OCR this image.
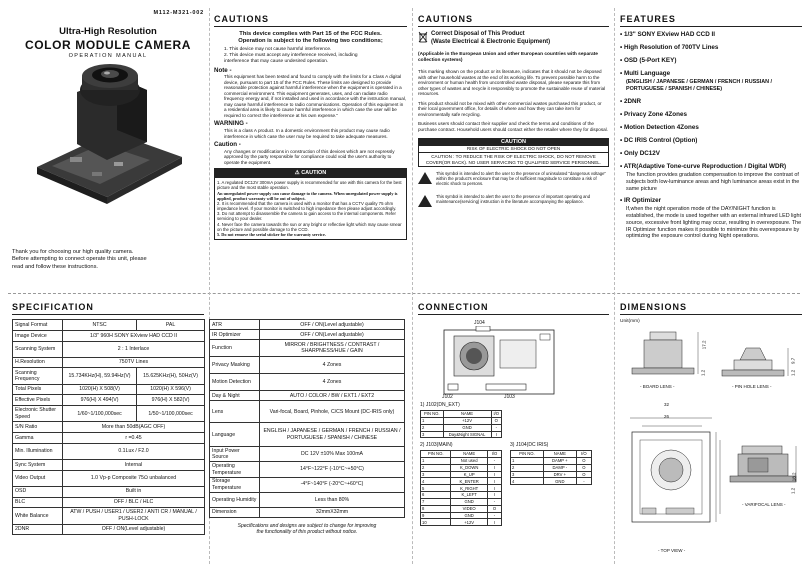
M112-M321-002
Ultra-High Resolution
COLOR MODULE CAMERA
OPERATION MANUAL
Thank you for choosing our high quality camera.
Before attempting to connect operate this unit, please
read and follow these instructions.
CAUTIONS
This device complies with Part 15 of the FCC Rules.
Operation is subject to the following two conditions;
1. This device may not cause harmful interference.
2. This device must accept any interference received, including
interference that may cause undesired operation.
Note -
This equipment has been tested and found to comply with the limits for a Class A digital device, pursuant to part 15 of the FCC Rules. These limits are designed to provide reasonable protection against harmful interference when the equipment is operated in a commercial environment. This equipment generates, uses, and can radiate radio frequency energy and, if not installed and used in accordance with the instruction manual, may cause harmful interference to radio communications. Operation of this equipment in a residential area is likely to cause harmful interference in which case the user will be required to correct the interference at his own expense."
WARNING -
This is a class A product. In a domestic environment this product may cause radio interference in which case the user may be required to take adequate measures.
Caution -
Any changes or modifications in construction of this devices which are not expressly approved by the party responsible for compliance could void the user's authority to operate the equipment.
⚠ CAUTION
1. A regulated DC12V 300mA power supply is recommended for use with this camera for the best picture and the most stable operation.
An unregulated power supply can cause damage to the camera. When unregulated power supply is applied, product warranty will be out of subject.
2. It is recommended that the camera is used with a monitor that has a CCTV quality 75 ohm impedance level. If your monitor is switched to high impedance then please adjust accordingly.
3. Do not attempt to disassemble the camera to gain access to the internal components. Refer servicing to your dealer.
4. Never face the camera towards the sun or any bright or reflective light which may cause smear on the picture and possible damage to the CCD.
5. Do not remove the serial sticker for the warranty service.
CAUTIONS
Correct Disposal of This Product
(Waste Electrical & Electronic Equipment)
(Applicable in the European Union and other European countries with separate collection systems)
This marking shown on the product or its literature, indicates that it should not be disposed with other household wastes at the end of its working life. To prevent possible harm to the environment or human health from uncontrolled waste disposal, please separate this from other types of wastes and recycle it responsibly to promote the sustainable reuse of material resources.
This product should not be mixed with other commercial wastes purchased this product, or their local government office, for details of where and how they can take item for environmentally safe recycling.
Business users should contact their supplier and check the terms and conditions of the purchase contract. Household users should contact either the retailer where they for disposal.
CAUTION
RISK OF ELECTRIC SHOCK DO NOT OPEN
CAUTION : TO REDUCE THE RISK OF ELECTRIC SHOCK, DO NOT REMOVE COVER(OR BACK). NO USER SERVICING TO QUALIFIED SERVICE PERSONNEL.
This symbol is intended to alert the user to the presence of uninsulated "dangerous voltage" within the product's enclosure that may be of sufficient magnitude to constitute a risk of electric shock to persons.
This symbol is intended to alert the user to the presence of important operating and maintenance(servicing) instruction in the literature accompanying the appliance.
FEATURES
• 1/3" SONY EXview HAD CCD II
• High Resolution of 700TV Lines
• OSD (5-Port KEY)
• Multi Language
(ENGLISH / JAPANESE / GERMAN / FRENCH / RUSSIAN / PORTUGUESE / SPANISH / CHINESE)
• 2DNR
• Privacy Zone 4Zones
• Motion Detection 4Zones
• DC IRIS Control (Option)
• Only DC12V
• ATR(Adaptive Tone-curve Reproduction / Digital WDR)
The function provides gradation compensation to improve the contrast of subjects both low-luminance areas and high luminance areas exist in the same picture
• IR Optimizer
If,when the night operation mode of the DAY/NIGHT function is established, the mode is used together with an external infrared LED light source, excessive front lighting may occur, resulting in overexposure. The IR Optimizer function makes it possible to minimize this overexposure by optimizing the exposure control during Night operations.
SPECIFICATION
Signal Format	NTSC	PAL
Image Device	1/3" 960H SONY EXview HAD CCD II	
Scanning System	2 : 1 Interlace	
H.Resolution	750TV Lines	
Scanning Frequency	15.734KHz(H), 59.94Hz(V)	15.625KHz(H), 50Hz(V)
Total Pixels	1020(H) X 508(V)	1020(H) X 596(V)
Effective Pixels	976(H) X 494(V)	976(H) X 582(V)
Electronic Shutter Speed	1/60~1/100,000sec	1/50~1/100,000sec
S/N Ratio	More than 50dB(AGC OFF)	
Gamma	r =0.45	
Min. Illumination	0.1Lux / F2.0	
Sync System	Internal	
Video Output	1.0 Vp-p Composite 75Ω unbalanced	
OSD	Built in	
BLC	OFF / BLC / HLC	
White Balance	ATW / PUSH / USER1 / USER2 / ANTI CR / MANUAL / PUSH-LOCK	
2DNR	OFF / ON(Level adjustable)	
ATR	OFF / ON(Level adjustable)
IR Optimizer	OFF / ON(Level adjustable)
Function	MIRROR / BRIGHTNESS / CONTRAST / SHARPNESS/HUE / GAIN
Privacy Masking	4 Zones
Motion Detection	4 Zones
Day & Night	AUTO / COLOR / BW / EXT1 / EXT2
Lens	Vari-focal, Board, Pinhole, C/CS Mount (DC-IRIS only)
Language	ENGLISH / JAPANESE / GERMAN / FRENCH / RUSSIAN / PORTUGUESE / SPANISH / CHINESE
Input Power Source	DC 12V ±10% Max 100mA
Operating Temperature	14°F~122°F (-10°C~+50°C)
Storage Temperature	-4°F~140°F (-20°C~+60°C)
Operating Humidity	Less than 80%
Dimension	32mmX32mm
Specifications and designs are subject to change for improving
the functionality of this product without notice.
CONNECTION
J104
J102	J103
1) J102(DN_EXT)
PIN NO.	NAME	I/O
1	+12V	O
2	GND	-
3	Day&Night SIGNAL	I
2) J103(MAIN)
PIN NO.	NAME	I/O
1	Not used	-
2	K_DOWN	I
3	K_UP	I
4	K_ENTER	I
5	K_RIGHT	I
6	K_LEFT	I
7	GND	-
8	VIDEO	O
9	GND	-
10	+12V	I
3) J104(DC IRIS)
PIN NO.	NAME	I/O
1	DAMP +	O
2	DAMP -	O
3	DRV +	O
4	GND	-
DIMENSIONS
Unit(mm)
17.2
1.2
- BOARD LENS -
9.7
1.2
- PIN HOLE LENS -
32
26
18.2
1.2
- VARIFOCAL LENS -
- TOP VIEW -
